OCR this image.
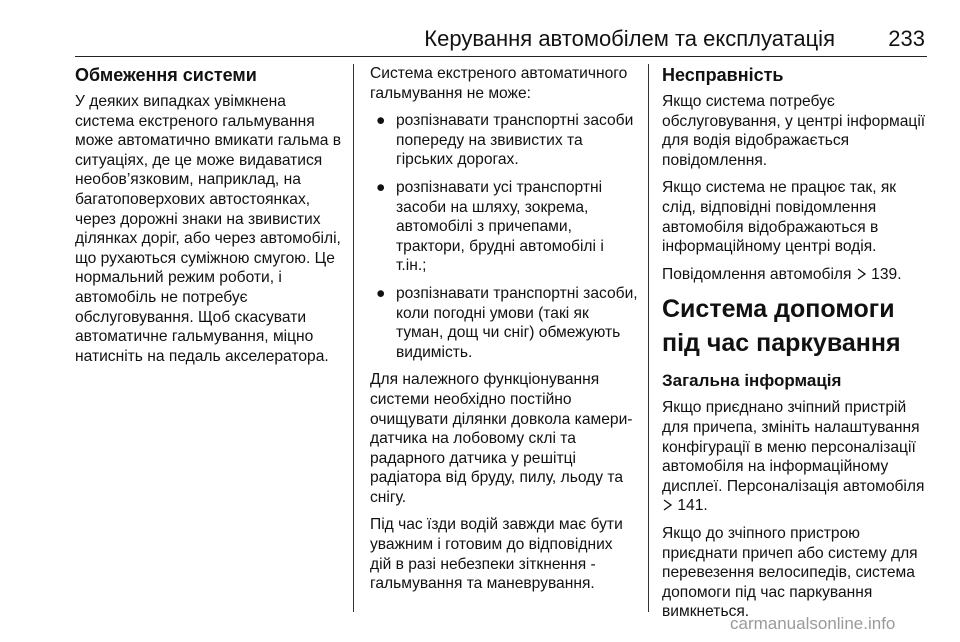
Керування автомобілем та експлуатація 233
Обмеження системи

У деяких випадках увімкнена система екстреного гальмування може автоматично вмикати гальма в ситуаціях, де це може видаватися необов’язковим, наприклад, на багатоповерхових автостоянках, через дорожні знаки на звивистих ділянках доріг, або через автомобілі, що рухаються суміжною смугою. Це нормальний режим роботи, і автомобіль не потребує обслуговування. Щоб скасувати автоматичне гальмування, міцно натисніть на педаль акселератора.

Система екстреного автоматичного гальмування не може:

● розпізнавати транспортні засоби попереду на звивистих та гірських дорогах.
● розпізнавати усі транспортні засоби на шляху, зокрема, автомобілі з причепами, трактори, брудні автомобілі і т.ін.;
● розпізнавати транспортні засоби, коли погодні умови (такі як туман, дощ чи сніг) обмежують видимість.

Для належного функціонування системи необхідно постійно очищувати ділянки довкола камери-датчика на лобовому склі та радарного датчика у решітці радіатора від бруду, пилу, льоду та снігу.

Під час їзди водій завжди має бути уважним і готовим до відповідних дій в разі небезпеки зіткнення - гальмування та маневрування.

Несправність

Якщо система потребує обслуговування, у центрі інформації для водія відображається повідомлення.

Якщо система не працює так, як слід, відповідні повідомлення автомобіля відображаються в інформаційному центрі водія.

Повідомлення автомобіля 139.

Система допомоги під час паркування
Загальна інформація

Якщо приєднано зчіпний пристрій для причепа, змініть налаштування конфігурації в меню персоналізації автомобіля на інформаційному дисплеї. Персоналізація автомобіля  141.

Якщо до зчіпного пристрою приєднати причеп або систему для перевезення велосипедів, система допомоги під час паркування вимкнеться.

carmanualsonline.info
